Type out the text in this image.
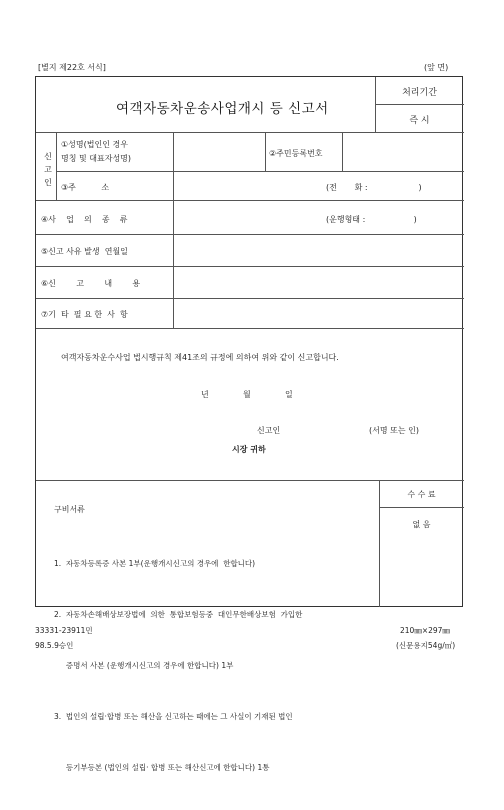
[별지 제22호 서식]	(앞 면)
여객자동차운송사업개시 등 신고서
처리기간
즉 시
신
고
인
①성명(법인인 경우
명칭 및 대표자성명)
②주민등록번호
③주          소	(전       화 :                    )
④사    업    의    종    류	(운행형태 :                   )
⑤신고 사유 발생  연월일
⑥신        고        내        용
⑦기  타  필 요 한  사  항
여객자동차운수사업 법시행규칙 제41조의 규정에 의하여 위와 같이 신고합니다.
년	월	일
신고인	(서명 또는 인)
시장 귀하
수 수 료
없 음
구비서류

1.  자동차등록증 사본 1부(운행개시신고의 경우에  한합니다)

2.  자동차손해배상보장법에  의한  통합보험등중  대인무한배상보험  가입한

증명서 사본 (운행개시신고의 경우에 한합니다) 1부

3.  법인의 설립·합병 또는 해산을 신고하는 때에는 그 사실이 기재된 법인

등기부등본 (법인의 설립· 합병 또는 해산신고에 한합니다) 1통

33331-23911민
98.5.9승인
210㎜×297㎜
(신문용지54g/㎡)
